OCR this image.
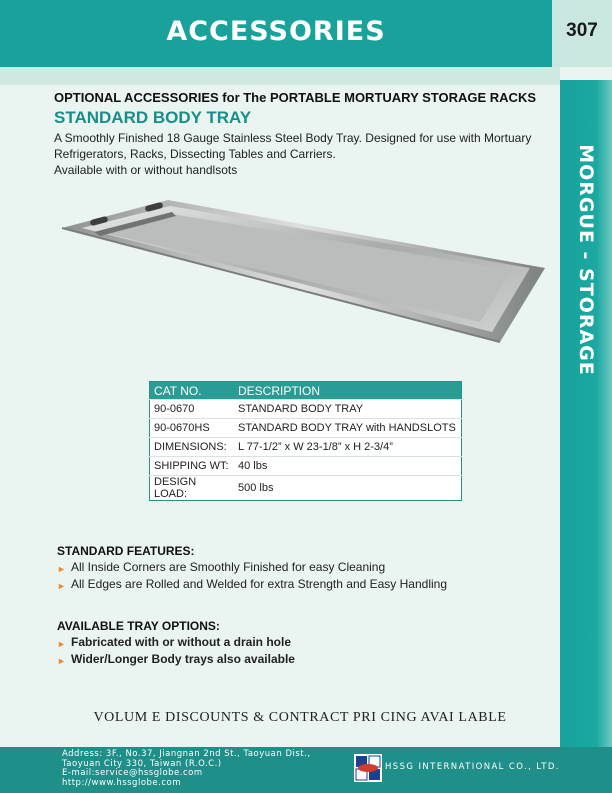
ACCESSORIES	307
MORGUE - STORAGE
OPTIONAL ACCESSORIES for The PORTABLE MORTUARY STORAGE RACKS
STANDARD BODY TRAY
A Smoothly Finished 18 Gauge Stainless Steel Body Tray. Designed for use with Mortuary
Refrigerators, Racks, Dissecting Tables and Carriers.
Available with or without handlsots
CAT NO.	DESCRIPTION
90-0670	STANDARD BODY TRAY
90-0670HS	STANDARD BODY TRAY with HANDSLOTS
DIMENSIONS:	L 77-1/2” x W 23-1/8” x H 2-3/4”
SHIPPING WT:	40 lbs
DESIGN LOAD:	500 lbs
STANDARD FEATURES:
► All Inside Corners are Smoothly Finished for easy Cleaning
► All Edges are Rolled and Welded for extra Strength and Easy Handling
AVAILABLE TRAY OPTIONS:
► Fabricated with or without a drain hole
► Wider/Longer Body trays also available
VOLUM E DISCOUNTS & CONTRACT PRI CING AVAI LABLE
Address: 3F., No.37, Jiangnan 2nd St., Taoyuan Dist.,
Taoyuan City 330, Taiwan (R.O.C.)
E-mail:service@hssglobe.com
http://www.hssglobe.com
HSSG INTERNATIONAL CO., LTD.
